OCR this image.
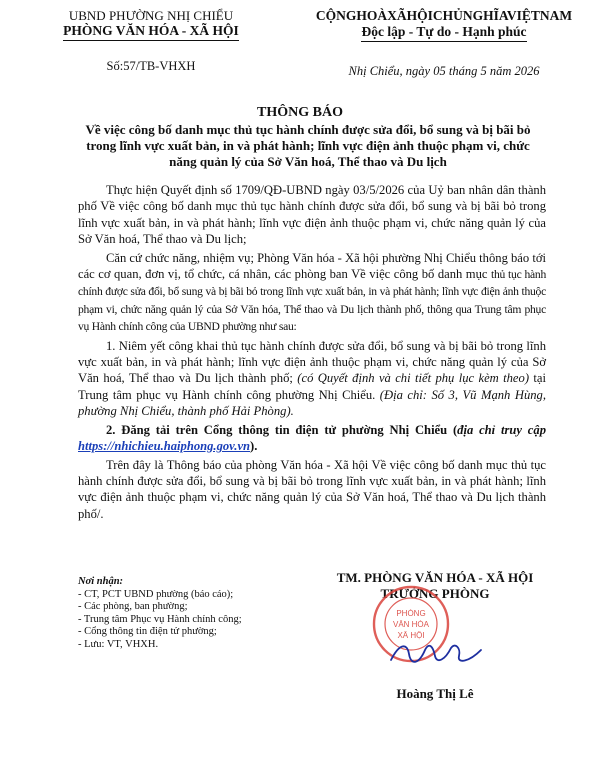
UBND PHƯỜNG NHỊ CHIỂU
PHÒNG VĂN HÓA - XÃ HỘI
Số:57/TB-VHXH
CỘNGHOÀXÃHỘICHỦNGHĨAVIỆTNAM
Độc lập - Tự do - Hạnh phúc
Nhị Chiểu, ngày 05 tháng 5 năm 2026
THÔNG BÁO
Về việc công bố danh mục thủ tục hành chính được sửa đổi, bổ sung và bị bãi bỏ trong lĩnh vực xuất bản, in và phát hành; lĩnh vực điện ảnh thuộc phạm vi, chức năng quản lý của Sở Văn hoá, Thể thao và Du lịch

Thực hiện Quyết định số 1709/QĐ-UBND ngày 03/5/2026 của Uỷ ban nhân dân thành phố Về việc công bố danh mục thủ tục hành chính được sửa đổi, bổ sung và bị bãi bỏ trong lĩnh vực xuất bản, in và phát hành; lĩnh vực điện ảnh thuộc phạm vi, chức năng quản lý của Sở Văn hoá, Thể thao và Du lịch;

Căn cứ chức năng, nhiệm vụ; Phòng Văn hóa - Xã hội phường Nhị Chiểu thông báo tới các cơ quan, đơn vị, tổ chức, cá nhân, các phòng ban Về việc công bố danh mục thủ tục hành chính được sửa đổi, bổ sung và bị bãi bỏ trong lĩnh vực xuất bản, in và phát hành; lĩnh vực điện ảnh thuộc phạm vi, chức năng quản lý của Sở Văn hóa, Thể thao và Du lịch thành phố, thông qua Trung tâm phục vụ Hành chính công của UBND phường như sau:

1. Niêm yết công khai thủ tục hành chính được sửa đổi, bổ sung và bị bãi bỏ trong lĩnh vực xuất bản, in và phát hành; lĩnh vực điện ảnh thuộc phạm vi, chức năng quản lý của Sở Văn hoá, Thể thao và Du lịch thành phố; (có Quyết định và chi tiết phụ lục kèm theo) tại Trung tâm phục vụ Hành chính công phường Nhị Chiểu. (Địa chỉ: Số 3, Vũ Mạnh Hùng, phường Nhị Chiểu, thành phố Hải Phòng).

2. Đăng tải trên Cổng thông tin điện tử phường Nhị Chiểu (địa chỉ truy cập https://nhichieu.haiphong.gov.vn).

Trên đây là Thông báo của phòng Văn hóa - Xã hội Về việc công bố danh mục thủ tục hành chính được sửa đổi, bổ sung và bị bãi bỏ trong lĩnh vực xuất bản, in và phát hành; lĩnh vực điện ảnh thuộc phạm vi, chức năng quản lý của Sở Văn hoá, Thể thao và Du lịch thành phố/.

Nơi nhận:
- CT, PCT UBND phường (báo cáo);
- Các phòng, ban phường;
- Trung tâm Phục vụ Hành chính công;
- Cổng thông tin điện tử phường;
- Lưu: VT, VHXH.
TM. PHÒNG VĂN HÓA - XÃ HỘI
TRƯỞNG PHÒNG
Hoàng Thị Lê
PHÒNG
VĂN HÓA
XÃ HỘI
